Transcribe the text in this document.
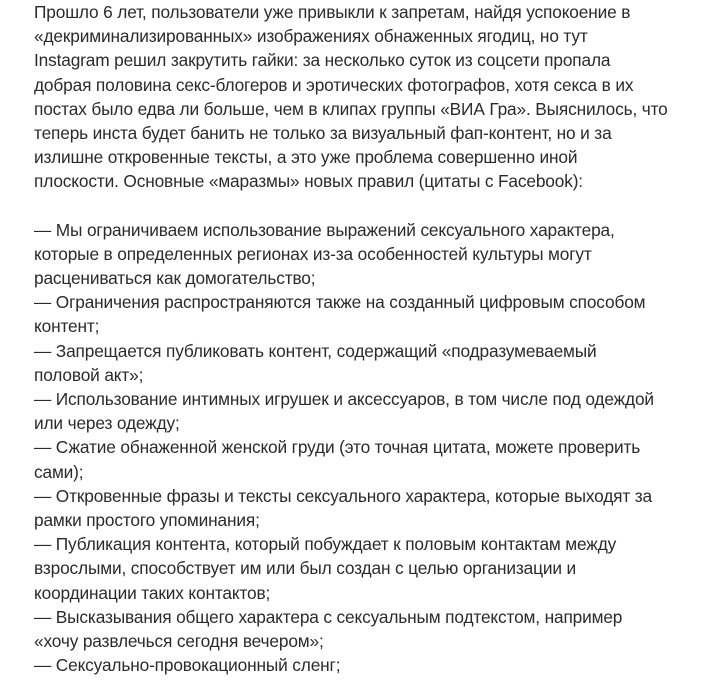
Прошло 6 лет, пользователи уже привыкли к запретам, найдя успокоение в
«декриминализированных» изображениях обнаженных ягодиц, но тут
Instagram решил закрутить гайки: за несколько суток из соцсети пропала
добрая половина секс-блогеров и эротических фотографов, хотя секса в их
постах было едва ли больше, чем в клипах группы «ВИА Гра». Выяснилось, что
теперь инста будет банить не только за визуальный фап-контент, но и за
излишне откровенные тексты, а это уже проблема совершенно иной
плоскости. Основные «маразмы» новых правил (цитаты с Facebook):
— Мы ограничиваем использование выражений сексуального характера,
которые в определенных регионах из-за особенностей культуры могут
расцениваться как домогательство;
— Ограничения распространяются также на созданный цифровым способом
контент;
— Запрещается публиковать контент, содержащий «подразумеваемый
половой акт»;
— Использование интимных игрушек и аксессуаров, в том числе под одеждой
или через одежду;
— Сжатие обнаженной женской груди (это точная цитата, можете проверить
сами);
— Откровенные фразы и тексты сексуального характера, которые выходят за
рамки простого упоминания;
— Публикация контента, который побуждает к половым контактам между
взрослыми, способствует им или был создан с целью организации и
координации таких контактов;
— Высказывания общего характера с сексуальным подтекстом, например
«хочу развлечься сегодня вечером»;
— Сексуально-провокационный сленг;
